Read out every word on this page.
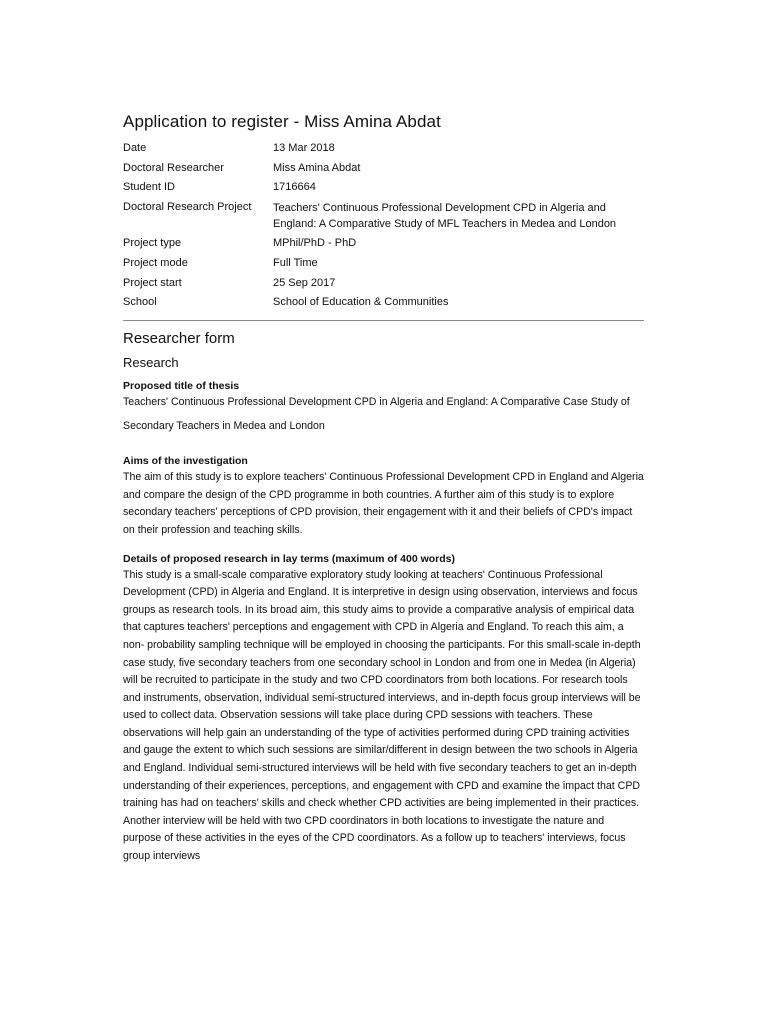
Application to register - Miss Amina Abdat
Date	13 Mar 2018
Doctoral Researcher	Miss Amina Abdat
Student ID	1716664
Doctoral Research Project	Teachers' Continuous Professional Development CPD in Algeria and England: A Comparative Study of MFL Teachers in Medea and London
Project type	MPhil/PhD - PhD
Project mode	Full Time
Project start	25 Sep 2017
School	School of Education & Communities
Researcher form
Research

Proposed title of thesis

Teachers' Continuous Professional Development CPD in Algeria and England: A Comparative Case Study of Secondary Teachers in Medea and London

Aims of the investigation

The aim of this study is to explore teachers' Continuous Professional Development CPD in England and Algeria and compare the design of the CPD programme in both countries. A further aim of this study is to explore secondary teachers' perceptions of CPD provision, their engagement with it and their beliefs of CPD's impact on their profession and teaching skills.

Details of proposed research in lay terms (maximum of 400 words)

This study is a small-scale comparative exploratory study looking at teachers' Continuous Professional Development (CPD) in Algeria and England. It is interpretive in design using observation, interviews and focus groups as research tools. In its broad aim, this study aims to provide a comparative analysis of empirical data that captures teachers' perceptions and engagement with CPD in Algeria and England. To reach this aim, a non- probability sampling technique will be employed in choosing the participants. For this small-scale in-depth case study, five secondary teachers from one secondary school in London and from one in Medea (in Algeria) will be recruited to participate in the study and two CPD coordinators from both locations. For research tools and instruments, observation, individual semi-structured interviews, and in-depth focus group interviews will be used to collect data. Observation sessions will take place during CPD sessions with teachers. These observations will help gain an understanding of the type of activities performed during CPD training activities and gauge the extent to which such sessions are similar/different in design between the two schools in Algeria and England. Individual semi-structured interviews will be held with five secondary teachers to get an in-depth understanding of their experiences, perceptions, and engagement with CPD and examine the impact that CPD training has had on teachers' skills and check whether CPD activities are being implemented in their practices. Another interview will be held with two CPD coordinators in both locations to investigate the nature and purpose of these activities in the eyes of the CPD coordinators. As a follow up to teachers' interviews, focus group interviews
